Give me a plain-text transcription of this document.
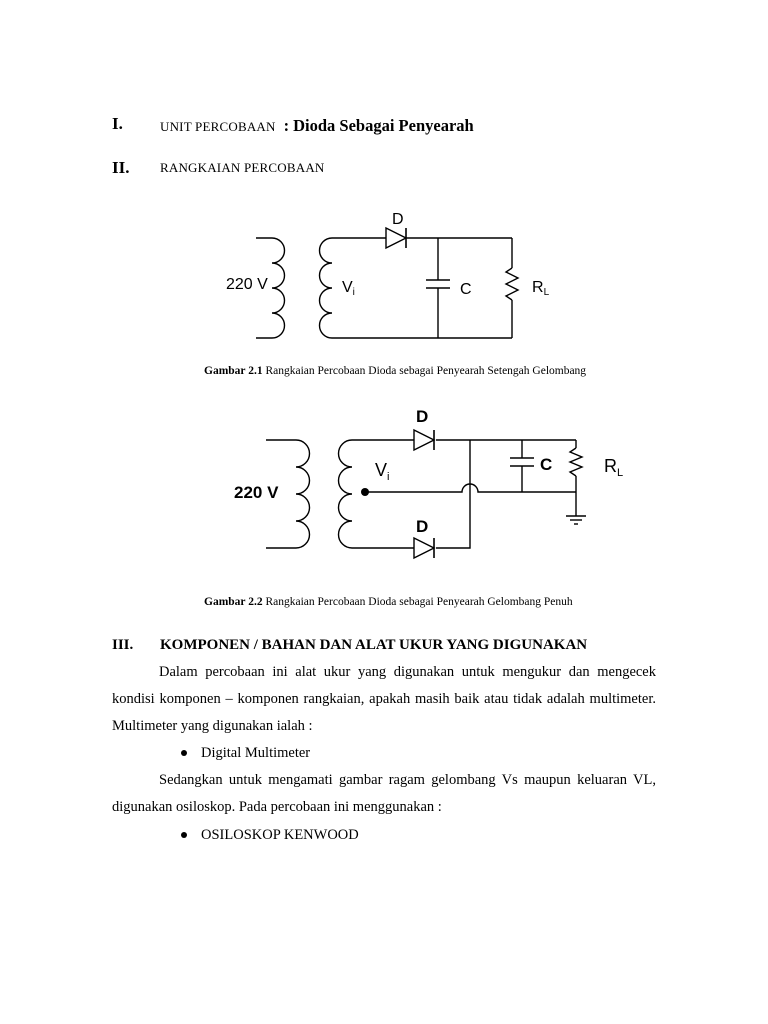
I.	UNIT PERCOBAAN : Dioda Sebagai Penyearah
II. RANGKAIAN PERCOBAAN
220 V	Vi
D
C	RL
Gambar 2.1 Rangkaian Percobaan Dioda sebagai Penyearah Setengah Gelombang
220 V
$V_i$
D
D
C	$R_L$
Gambar 2.2 Rangkaian Percobaan Dioda sebagai Penyearah Gelombang Penuh
III. KOMPONEN / BAHAN DAN ALAT UKUR YANG DIGUNAKAN
Dalam percobaan ini alat ukur yang digunakan untuk mengukur dan mengecek kondisi komponen – komponen rangkaian, apakah masih baik atau tidak adalah multimeter. Multimeter yang digunakan ialah :
Digital Multimeter
Sedangkan untuk mengamati gambar ragam gelombang Vs maupun keluaran VL, digunakan osiloskop. Pada percobaan ini menggunakan :
OSILOSKOP KENWOOD
